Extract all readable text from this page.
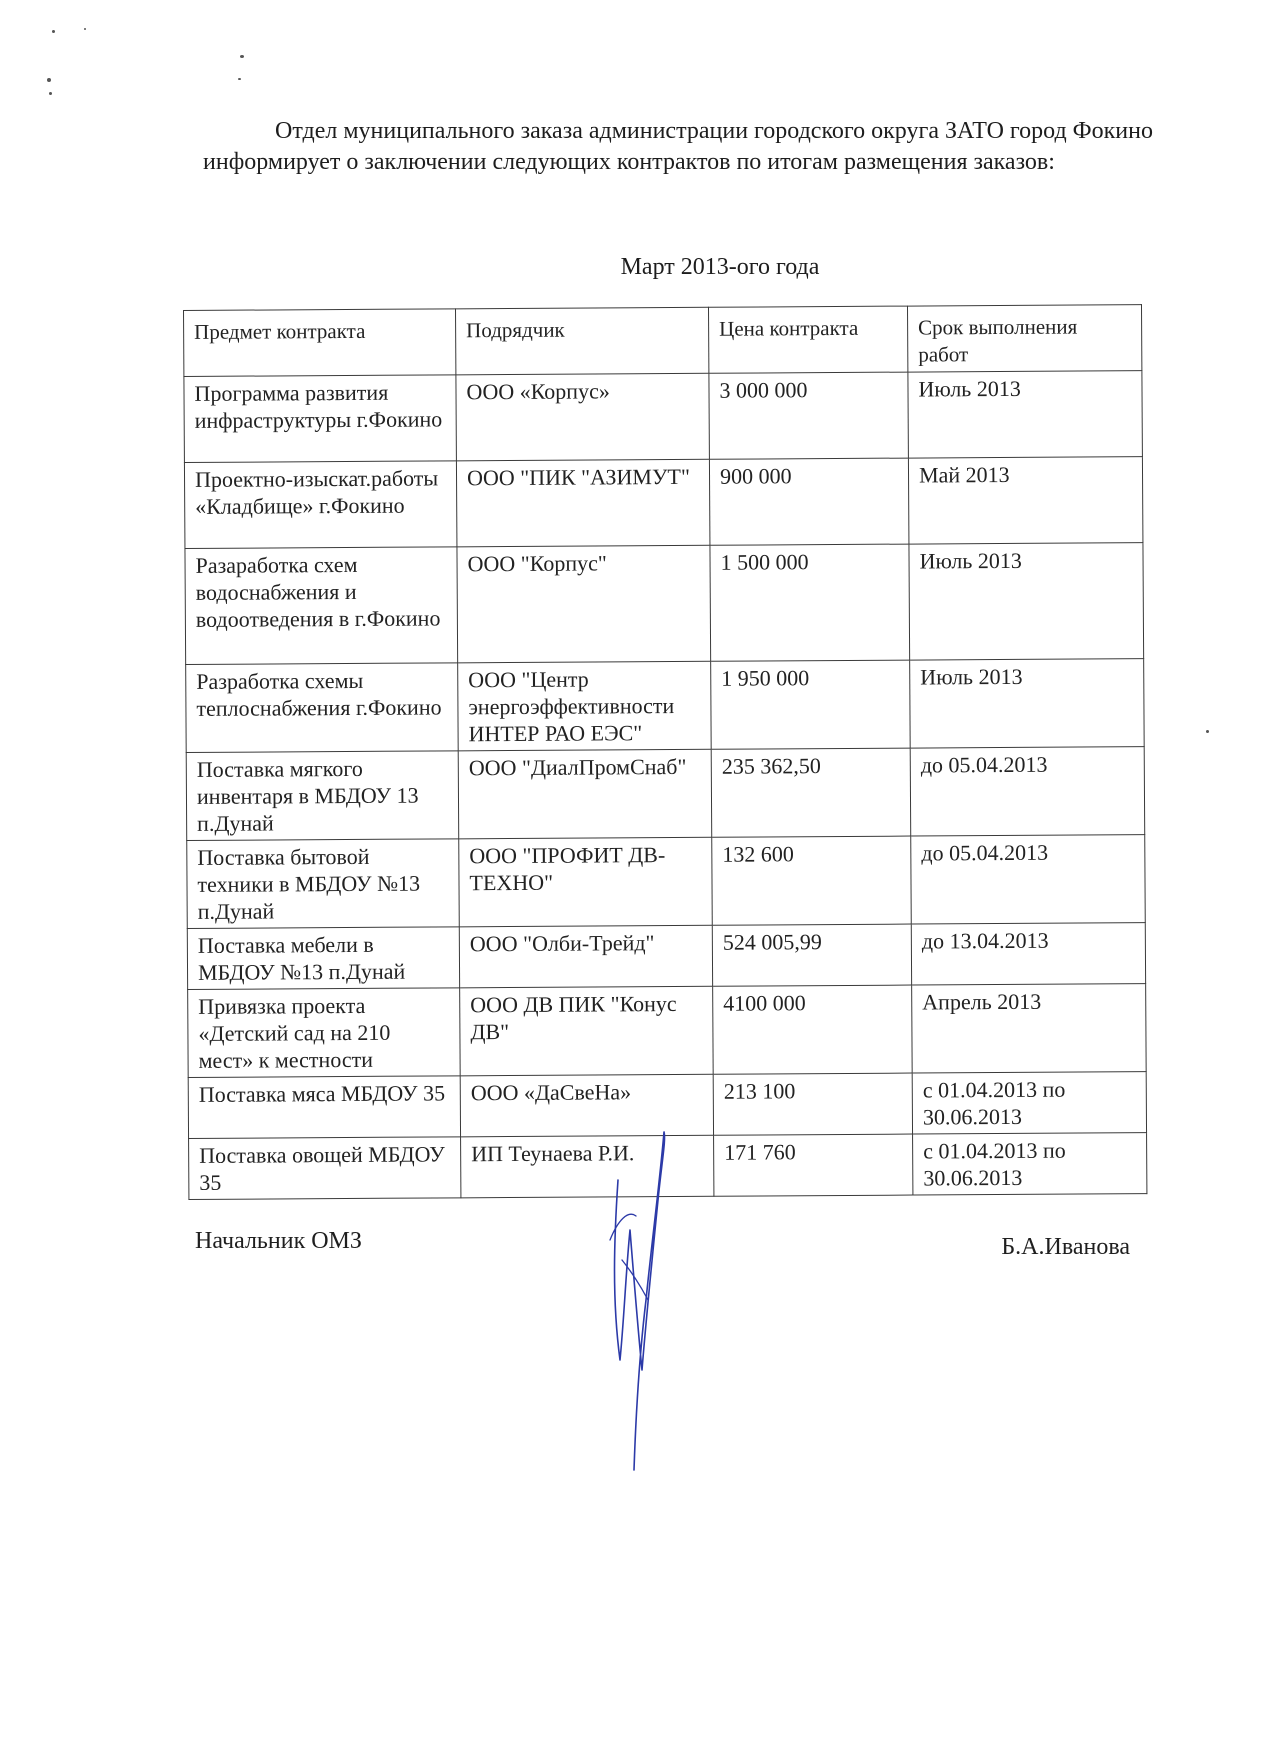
Отдел муниципального заказа администрации городского округа ЗАТО город Фокино информирует о заключении следующих контрактов по итогам размещения заказов:

Март 2013-ого года

Предмет контракта	Подрядчик	Цена контракта	Срок выполнения работ
Программа развития инфраструктуры г.Фокино	ООО «Корпус»	3 000 000	Июль 2013
Проектно-изыскат.работы «Кладбище» г.Фокино	ООО "ПИК "АЗИМУТ"	900 000	Май 2013
Разаработка схем водоснабжения и водоотведения в г.Фокино	ООО "Корпус"	1 500 000	Июль 2013
Разработка схемы теплоснабжения г.Фокино	ООО "Центр энергоэффективности ИНТЕР РАО ЕЭС"	1 950 000	Июль 2013
Поставка мягкого инвентаря в МБДОУ 13 п.Дунай	ООО "ДиалПромСнаб"	235 362,50	до 05.04.2013
Поставка бытовой техники в МБДОУ №13 п.Дунай	ООО "ПРОФИТ ДВ-ТЕХНО"	132 600	до 05.04.2013
Поставка мебели в МБДОУ №13 п.Дунай	ООО "Олби-Трейд"	524 005,99	до 13.04.2013
Привязка проекта «Детский сад на 210 мест» к местности	ООО ДВ ПИК "Конус ДВ"	4100 000	Апрель 2013
Поставка мяса МБДОУ 35	ООО «ДаСвеНа»	213 100	с 01.04.2013 по 30.06.2013
Поставка овощей МБДОУ 35	ИП Теунаева Р.И.	171 760	с 01.04.2013 по 30.06.2013
Начальник ОМЗ	Б.А.Иванова
